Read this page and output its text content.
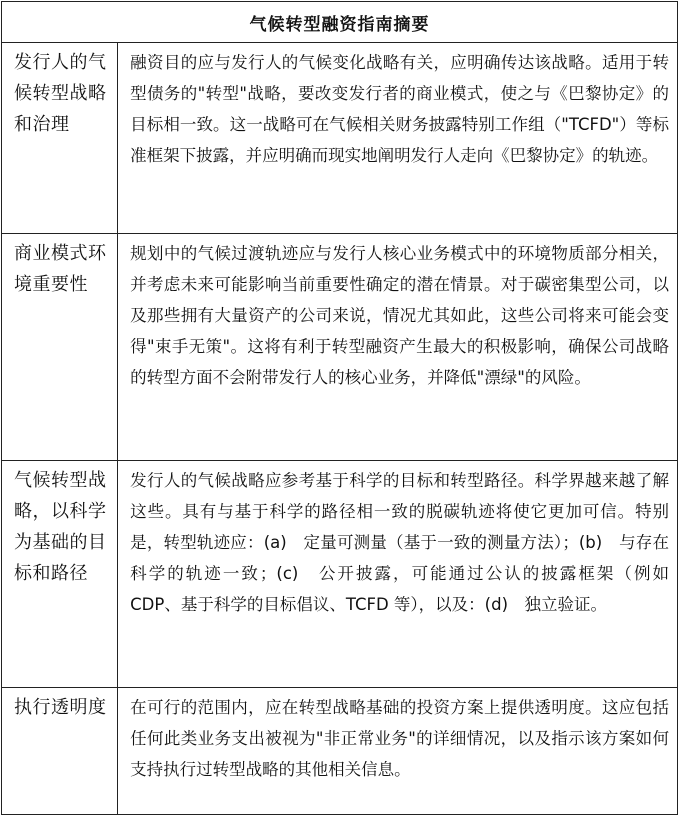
气候转型融资指南摘要	
发行人的气候转型战略和治理	融资目的应与发行人的气候变化战略有关，应明确传达该战略。适用于转型债务的"转型"战略，要改变发行者的商业模式，使之与《巴黎协定》的目标相一致。这一战略可在气候相关财务披露特别工作组（"TCFD"）等标准框架下披露，并应明确而现实地阐明发行人走向《巴黎协定》的轨迹。
商业模式环境重要性	规划中的气候过渡轨迹应与发行人核心业务模式中的环境物质部分相关，并考虑未来可能影响当前重要性确定的潜在情景。对于碳密集型公司，以及那些拥有大量资产的公司来说，情况尤其如此，这些公司将来可能会变得"束手无策"。这将有利于转型融资产生最大的积极影响，确保公司战略的转型方面不会附带发行人的核心业务，并降低"漂绿"的风险。
气候转型战略，以科学为基础的目标和路径	发行人的气候战略应参考基于科学的目标和转型路径。科学界越来越了解这些。具有与基于科学的路径相一致的脱碳轨迹将使它更加可信。特别是，转型轨迹应：(a)　定量可测量（基于一致的测量方法）；(b)　与存在科学的轨迹一致；(c)　公开披露，可能通过公认的披露框架（例如 CDP、基于科学的目标倡议、TCFD 等），以及：(d)　独立验证。
执行透明度	在可行的范围内，应在转型战略基础的投资方案上提供透明度。这应包括任何此类业务支出被视为"非正常业务"的详细情况，以及指示该方案如何支持执行过转型战略的其他相关信息。
